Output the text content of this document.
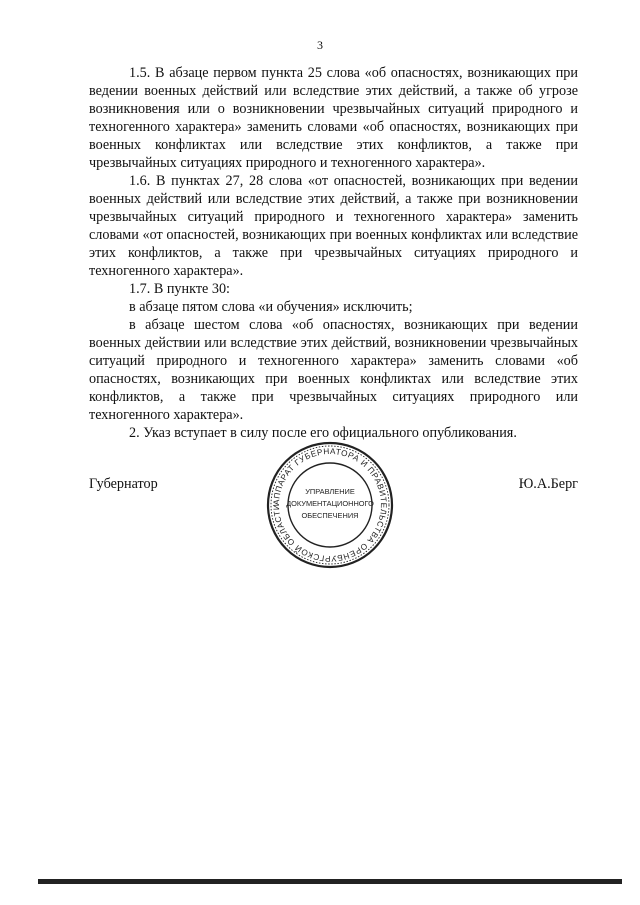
3

1.5. В абзаце первом пункта 25 слова «об опасностях, возникающих при ведении военных действий или вследствие этих действий, а также об угрозе возникновения или о возникновении чрезвычайных ситуаций природного и техногенного характера» заменить словами «об опасностях, возникающих при военных конфликтах или вследствие этих конфликтов, а также при чрезвычайных ситуациях природного и техногенного характера».

1.6. В пунктах 27, 28 слова «от опасностей, возникающих при ведении военных действий или вследствие этих действий, а также при возникновении чрезвычайных ситуаций природного и техногенного характера» заменить словами «от опасностей, возникающих при военных конфликтах или вследствие этих конфликтов, а также при чрезвычайных ситуациях природного и техногенного характера».

1.7. В пункте 30:

в абзаце пятом слова «и обучения» исключить;

в абзаце шестом слова «об опасностях, возникающих при ведении военных действии или вследствие этих действий, возникновении чрезвычайных ситуаций природного и техногенного характера» заменить словами «об опасностях, возникающих при военных конфликтах или вследствие этих конфликтов, а также при чрезвычайных ситуациях природного или техногенного характера».

2. Указ вступает в силу после его официального опубликования.

Губернатор
АППАРАТ ГУБЕРНАТОРА И ПРАВИТЕЛЬСТВА ОРЕНБУРГСКОЙ ОБЛАСТИ
УПРАВЛЕНИЕ
ДОКУМЕНТАЦИОННОГО
ОБЕСПЕЧЕНИЯ
Ю.А.Берг
